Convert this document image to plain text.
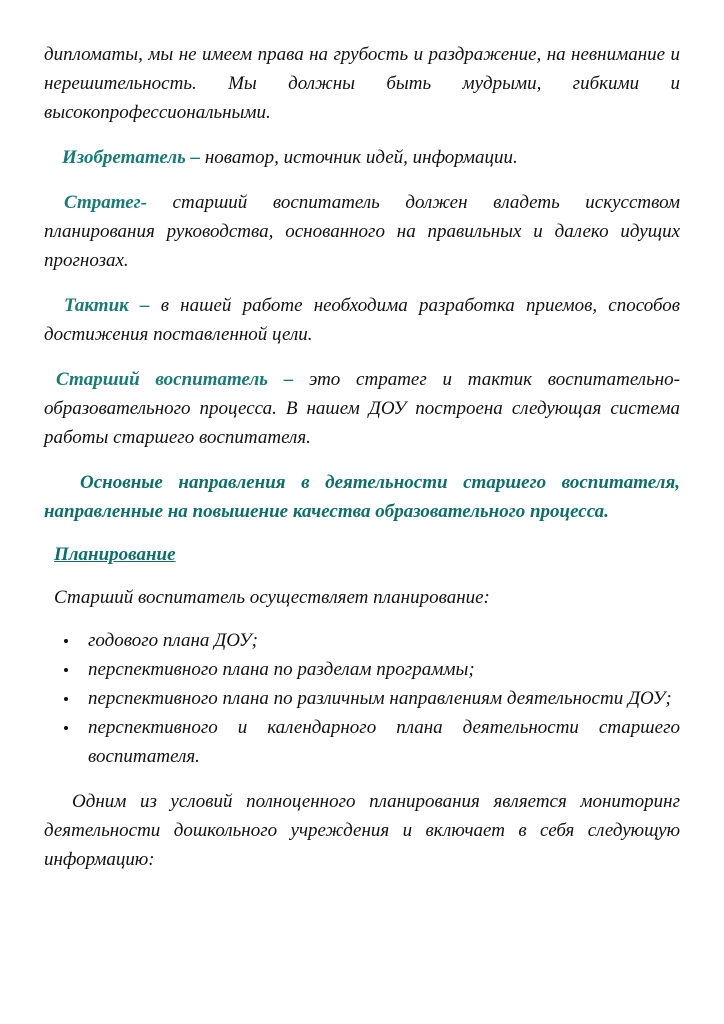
дипломаты, мы не имеем права на грубость и раздражение, на невнимание и нерешительность. Мы должны быть мудрыми, гибкими и высокопрофессиональными.

Изобретатель – новатор, источник идей, информации.

Стратег- старший воспитатель должен владеть искусством планирования руководства, основанного на правильных и далеко идущих прогнозах.

Тактик – в нашей работе необходима разработка приемов, способов достижения поставленной цели.

Старший воспитатель – это стратег и тактик воспитательно-образовательного процесса. В нашем ДОУ построена следующая система работы старшего воспитателя.

Основные направления в деятельности старшего воспитателя, направленные на повышение качества образовательного процесса.

Планирование

Старший воспитатель осуществляет планирование:

годового плана ДОУ;
перспективного плана по разделам программы;
перспективного плана по различным направлениям деятельности ДОУ;
перспективного и календарного плана деятельности старшего воспитателя.

Одним из условий полноценного планирования является мониторинг деятельности дошкольного учреждения и включает в себя следующую информацию:
